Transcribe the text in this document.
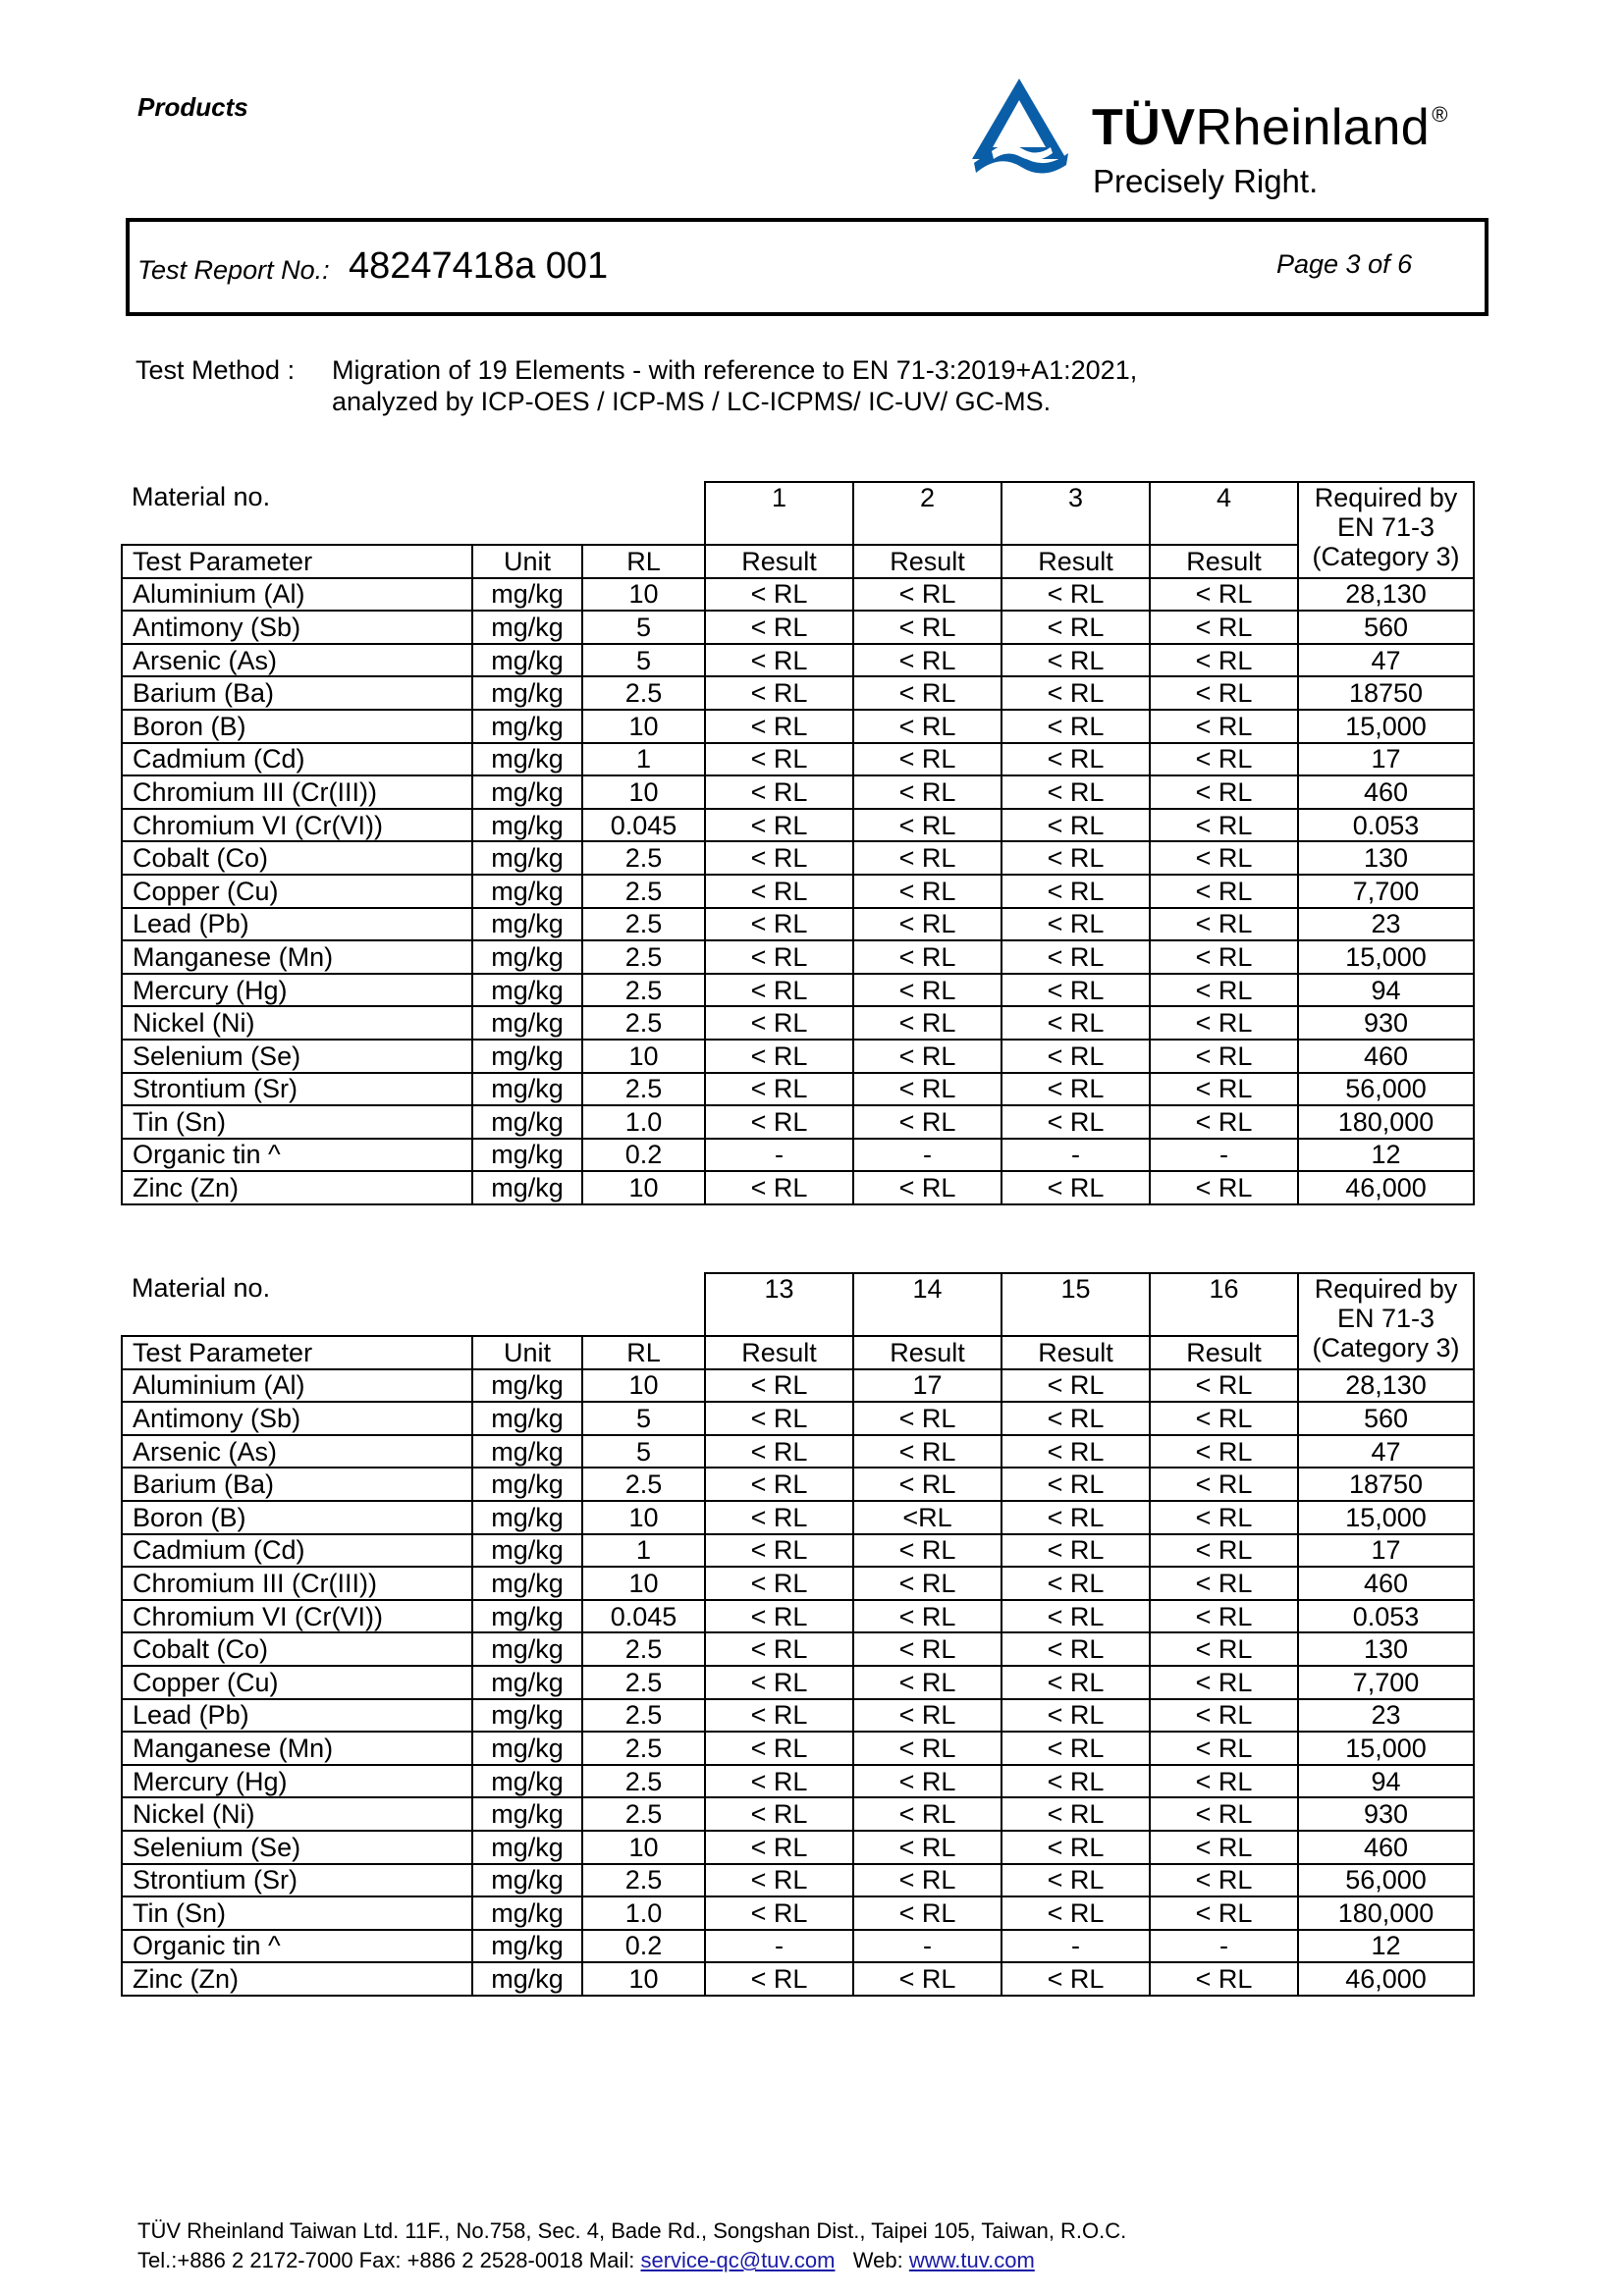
Products	TÜVRheinland®
Precisely Right.
Test Report No.: 48247418a 001	Page 3 of 6
Test Method : Migration of 19 Elements - with reference to EN 71-3:2019+A1:2021,
analyzed by ICP-OES / ICP-MS / LC-ICPMS/ IC-UV/ GC-MS.
Material no.			1	2	3	4	Required by
EN 71-3
(Category 3)

Test Parameter	Unit	RL	Result	Result	Result	Result	
Aluminium (Al)	mg/kg	10	< RL	< RL	< RL	< RL	28,130
Antimony (Sb)	mg/kg	5	< RL	< RL	< RL	< RL	560
Arsenic (As)	mg/kg	5	< RL	< RL	< RL	< RL	47
Barium (Ba)	mg/kg	2.5	< RL	< RL	< RL	< RL	18750
Boron (B)	mg/kg	10	< RL	< RL	< RL	< RL	15,000
Cadmium (Cd)	mg/kg	1	< RL	< RL	< RL	< RL	17
Chromium III (Cr(III))	mg/kg	10	< RL	< RL	< RL	< RL	460
Chromium VI (Cr(VI))	mg/kg	0.045	< RL	< RL	< RL	< RL	0.053
Cobalt (Co)	mg/kg	2.5	< RL	< RL	< RL	< RL	130
Copper (Cu)	mg/kg	2.5	< RL	< RL	< RL	< RL	7,700
Lead (Pb)	mg/kg	2.5	< RL	< RL	< RL	< RL	23
Manganese (Mn)	mg/kg	2.5	< RL	< RL	< RL	< RL	15,000
Mercury (Hg)	mg/kg	2.5	< RL	< RL	< RL	< RL	94
Nickel (Ni)	mg/kg	2.5	< RL	< RL	< RL	< RL	930
Selenium (Se)	mg/kg	10	< RL	< RL	< RL	< RL	460
Strontium (Sr)	mg/kg	2.5	< RL	< RL	< RL	< RL	56,000
Tin (Sn)	mg/kg	1.0	< RL	< RL	< RL	< RL	180,000
Organic tin ^	mg/kg	0.2	-	-	-	-	12
Zinc (Zn)	mg/kg	10	< RL	< RL	< RL	< RL	46,000
Material no.			13	14	15	16	Required by
EN 71-3
(Category 3)

Test Parameter	Unit	RL	Result	Result	Result	Result	
Aluminium (Al)	mg/kg	10	< RL	17	< RL	< RL	28,130
Antimony (Sb)	mg/kg	5	< RL	< RL	< RL	< RL	560
Arsenic (As)	mg/kg	5	< RL	< RL	< RL	< RL	47
Barium (Ba)	mg/kg	2.5	< RL	< RL	< RL	< RL	18750
Boron (B)	mg/kg	10	< RL	<RL	< RL	< RL	15,000
Cadmium (Cd)	mg/kg	1	< RL	< RL	< RL	< RL	17
Chromium III (Cr(III))	mg/kg	10	< RL	< RL	< RL	< RL	460
Chromium VI (Cr(VI))	mg/kg	0.045	< RL	< RL	< RL	< RL	0.053
Cobalt (Co)	mg/kg	2.5	< RL	< RL	< RL	< RL	130
Copper (Cu)	mg/kg	2.5	< RL	< RL	< RL	< RL	7,700
Lead (Pb)	mg/kg	2.5	< RL	< RL	< RL	< RL	23
Manganese (Mn)	mg/kg	2.5	< RL	< RL	< RL	< RL	15,000
Mercury (Hg)	mg/kg	2.5	< RL	< RL	< RL	< RL	94
Nickel (Ni)	mg/kg	2.5	< RL	< RL	< RL	< RL	930
Selenium (Se)	mg/kg	10	< RL	< RL	< RL	< RL	460
Strontium (Sr)	mg/kg	2.5	< RL	< RL	< RL	< RL	56,000
Tin (Sn)	mg/kg	1.0	< RL	< RL	< RL	< RL	180,000
Organic tin ^	mg/kg	0.2	-	-	-	-	12
Zinc (Zn)	mg/kg	10	< RL	< RL	< RL	< RL	46,000
TÜV Rheinland Taiwan Ltd. 11F., No.758, Sec. 4, Bade Rd., Songshan Dist., Taipei 105, Taiwan, R.O.C.
Tel.:+886 2 2172-7000 Fax: +886 2 2528-0018 Mail: service-qc@tuv.com   Web: www.tuv.com
